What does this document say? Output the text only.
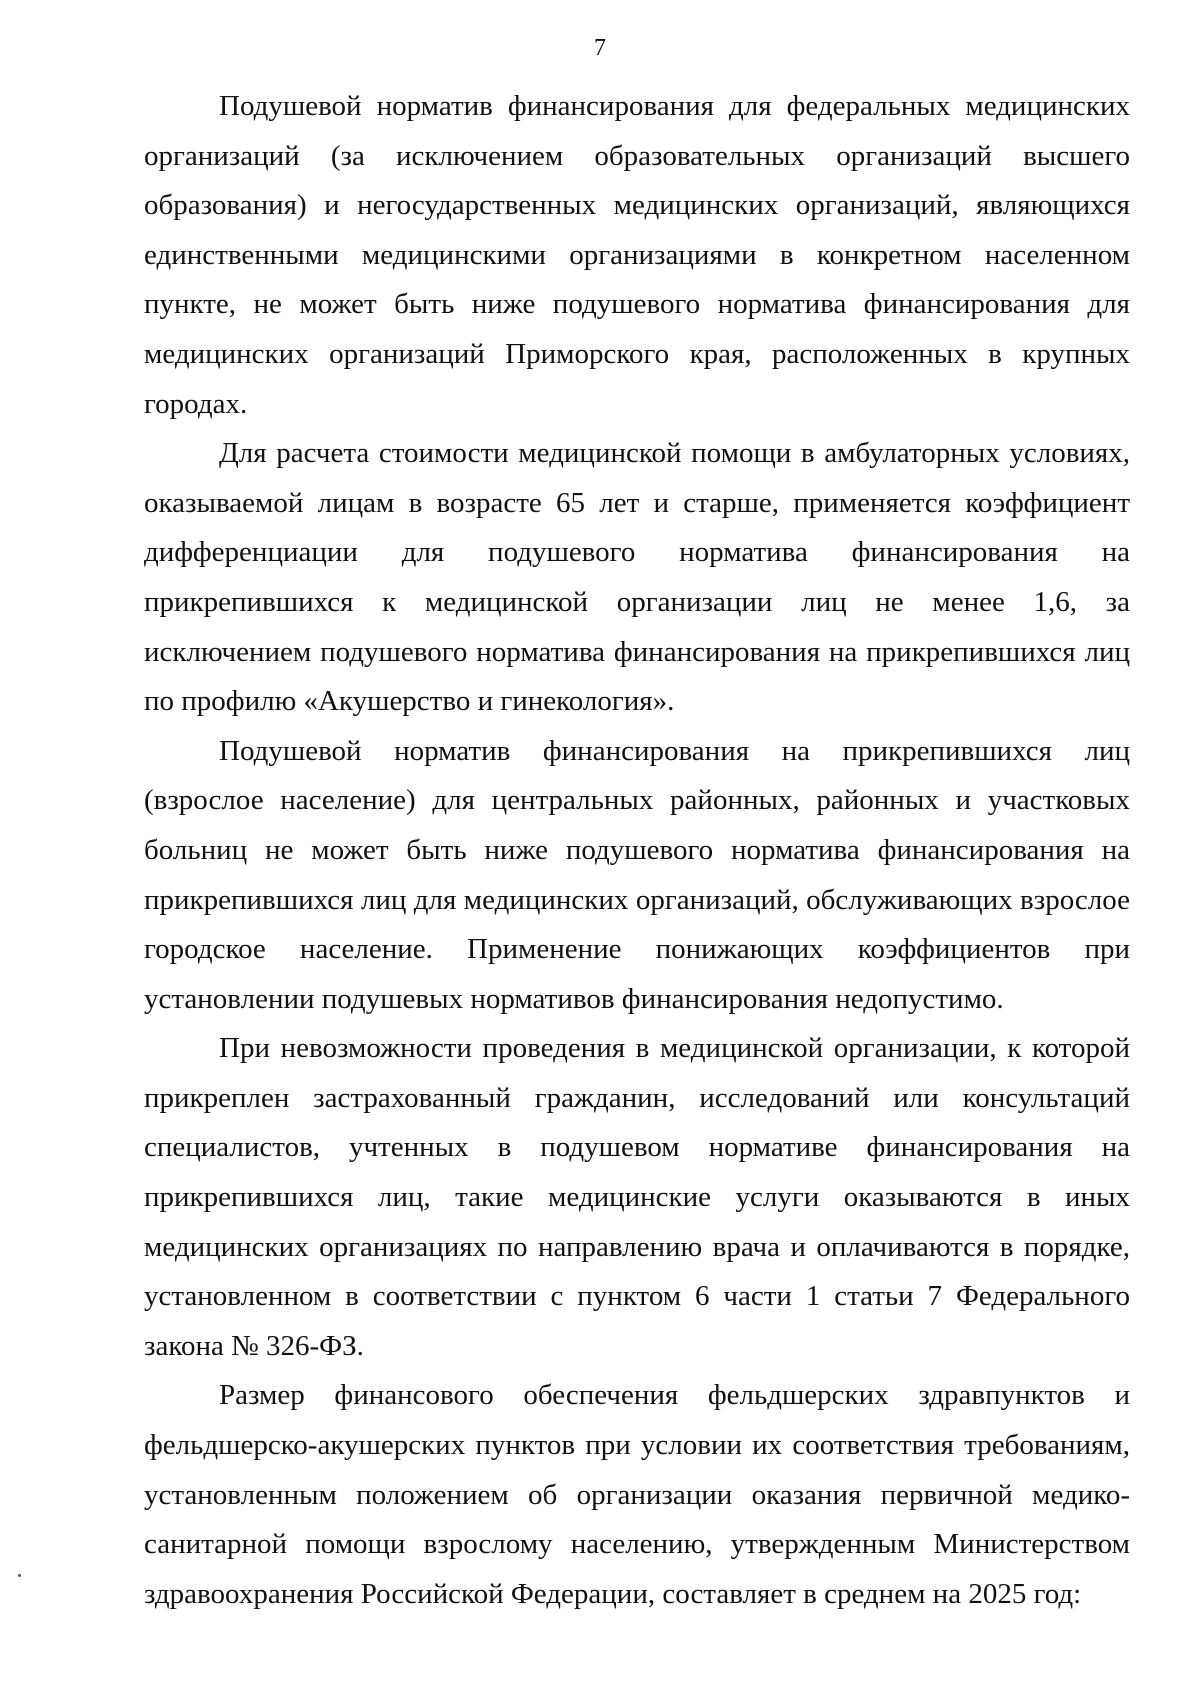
7

Подушевой норматив финансирования для федеральных медицинских организаций (за исключением образовательных организаций высшего образования) и негосударственных медицинских организаций, являющихся единственными медицинскими организациями в конкретном населенном пункте, не может быть ниже подушевого норматива финансирования для медицинских организаций Приморского края, расположенных в крупных городах.

Для расчета стоимости медицинской помощи в амбулаторных условиях, оказываемой лицам в возрасте 65 лет и старше, применяется коэффициент дифференциации для подушевого норматива финансирования на прикрепившихся к медицинской организации лиц не менее 1,6, за исключением подушевого норматива финансирования на прикрепившихся лиц по профилю «Акушерство и гинекология».

Подушевой норматив финансирования на прикрепившихся лиц (взрослое население) для центральных районных, районных и участковых больниц не может быть ниже подушевого норматива финансирования на прикрепившихся лиц для медицинских организаций, обслуживающих взрослое городское население. Применение понижающих коэффициентов при установлении подушевых нормативов финансирования недопустимо.

При невозможности проведения в медицинской организации, к которой прикреплен застрахованный гражданин, исследований или консультаций специалистов, учтенных в подушевом нормативе финансирования на прикрепившихся лиц, такие медицинские услуги оказываются в иных медицинских организациях по направлению врача и оплачиваются в порядке, установленном в соответствии с пунктом 6 части 1 статьи 7 Федерального закона № 326-ФЗ.

Размер финансового обеспечения фельдшерских здравпунктов и фельдшерско-акушерских пунктов при условии их соответствия требованиям, установленным положением об организации оказания первичной медико-санитарной помощи взрослому населению, утвержденным Министерством здравоохранения Российской Федерации, составляет в среднем на 2025 год:
